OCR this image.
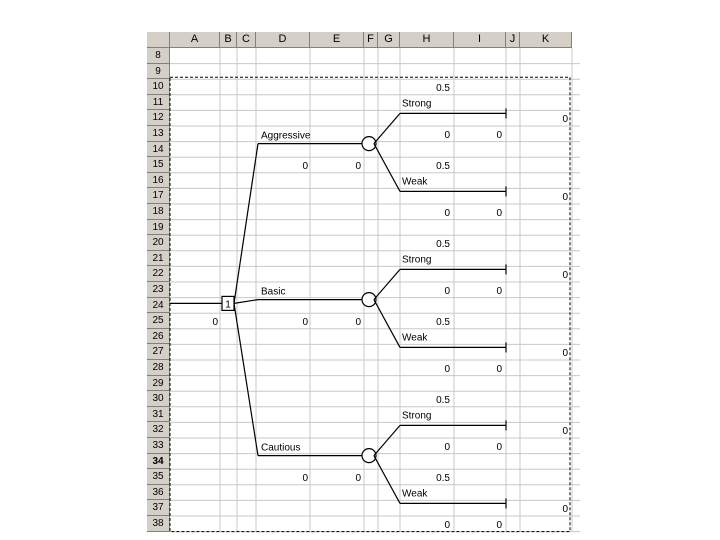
A	B C	D	E	F G	H	I	J	K
8
9
10
11
12
13
14
15
16
17
18
19
20
21
22
23
24
25
26
27
28
29
30
31
32
33
34
35
36
37
38
1
0
Aggressive
0	0
0.5
Strong
0	0
0
0.5
Weak
0	0
0
Basic
0	0
0.5
Strong
0	0
0
0.5
Weak
0	0
0
Cautious
0	0
0.5
Strong
0	0
0
0.5
Weak
0	0
0
